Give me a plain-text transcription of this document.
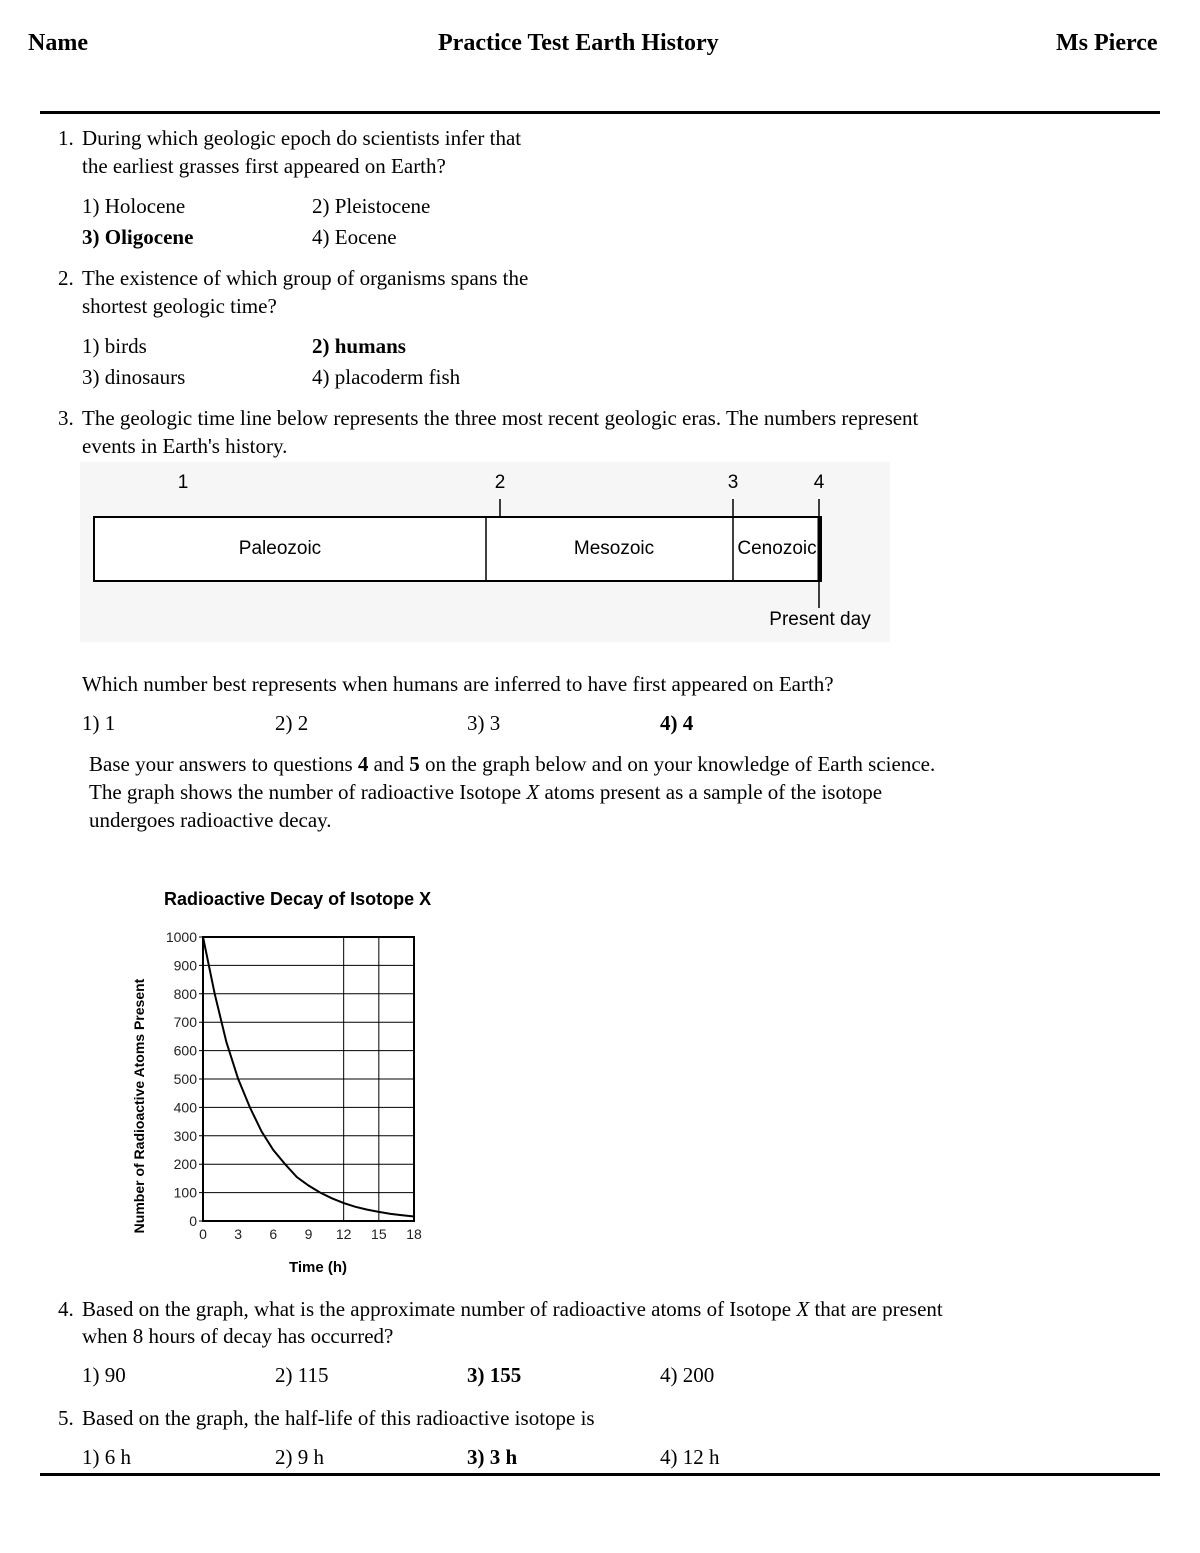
Name	Practice Test Earth History	Ms Pierce
1. During which geologic epoch do scientists infer that
the earliest grasses first appeared on Earth?
1) Holocene	2) Pleistocene
3) Oligocene	4) Eocene
2. The existence of which group of organisms spans the
shortest geologic time?
1) birds	2) humans
3) dinosaurs	4) placoderm fish
3. The geologic time line below represents the three most recent geologic eras. The numbers represent
events in Earth's history.
1	2	3	4
Paleozoic	Mesozoic	Cenozoic
Present day
Which number best represents when humans are inferred to have first appeared on Earth?
1) 1	2) 2	3) 3	4) 4
Base your answers to questions 4 and 5 on the graph below and on your knowledge of Earth science.
The graph shows the number of radioactive Isotope X atoms present as a sample of the isotope
undergoes radioactive decay.
Radioactive Decay of Isotope X
Number of Radioactive Atoms Present
Time (h)
0
100
200
300
400
500
600
700
800
900
1000
0 3 6 9 12 15 18
4. Based on the graph, what is the approximate number of radioactive atoms of Isotope X that are present
when 8 hours of decay has occurred?
1) 90	2) 115	3) 155	4) 200
5. Based on the graph, the half-life of this radioactive isotope is
1) 6 h	2) 9 h	3) 3 h	4) 12 h
